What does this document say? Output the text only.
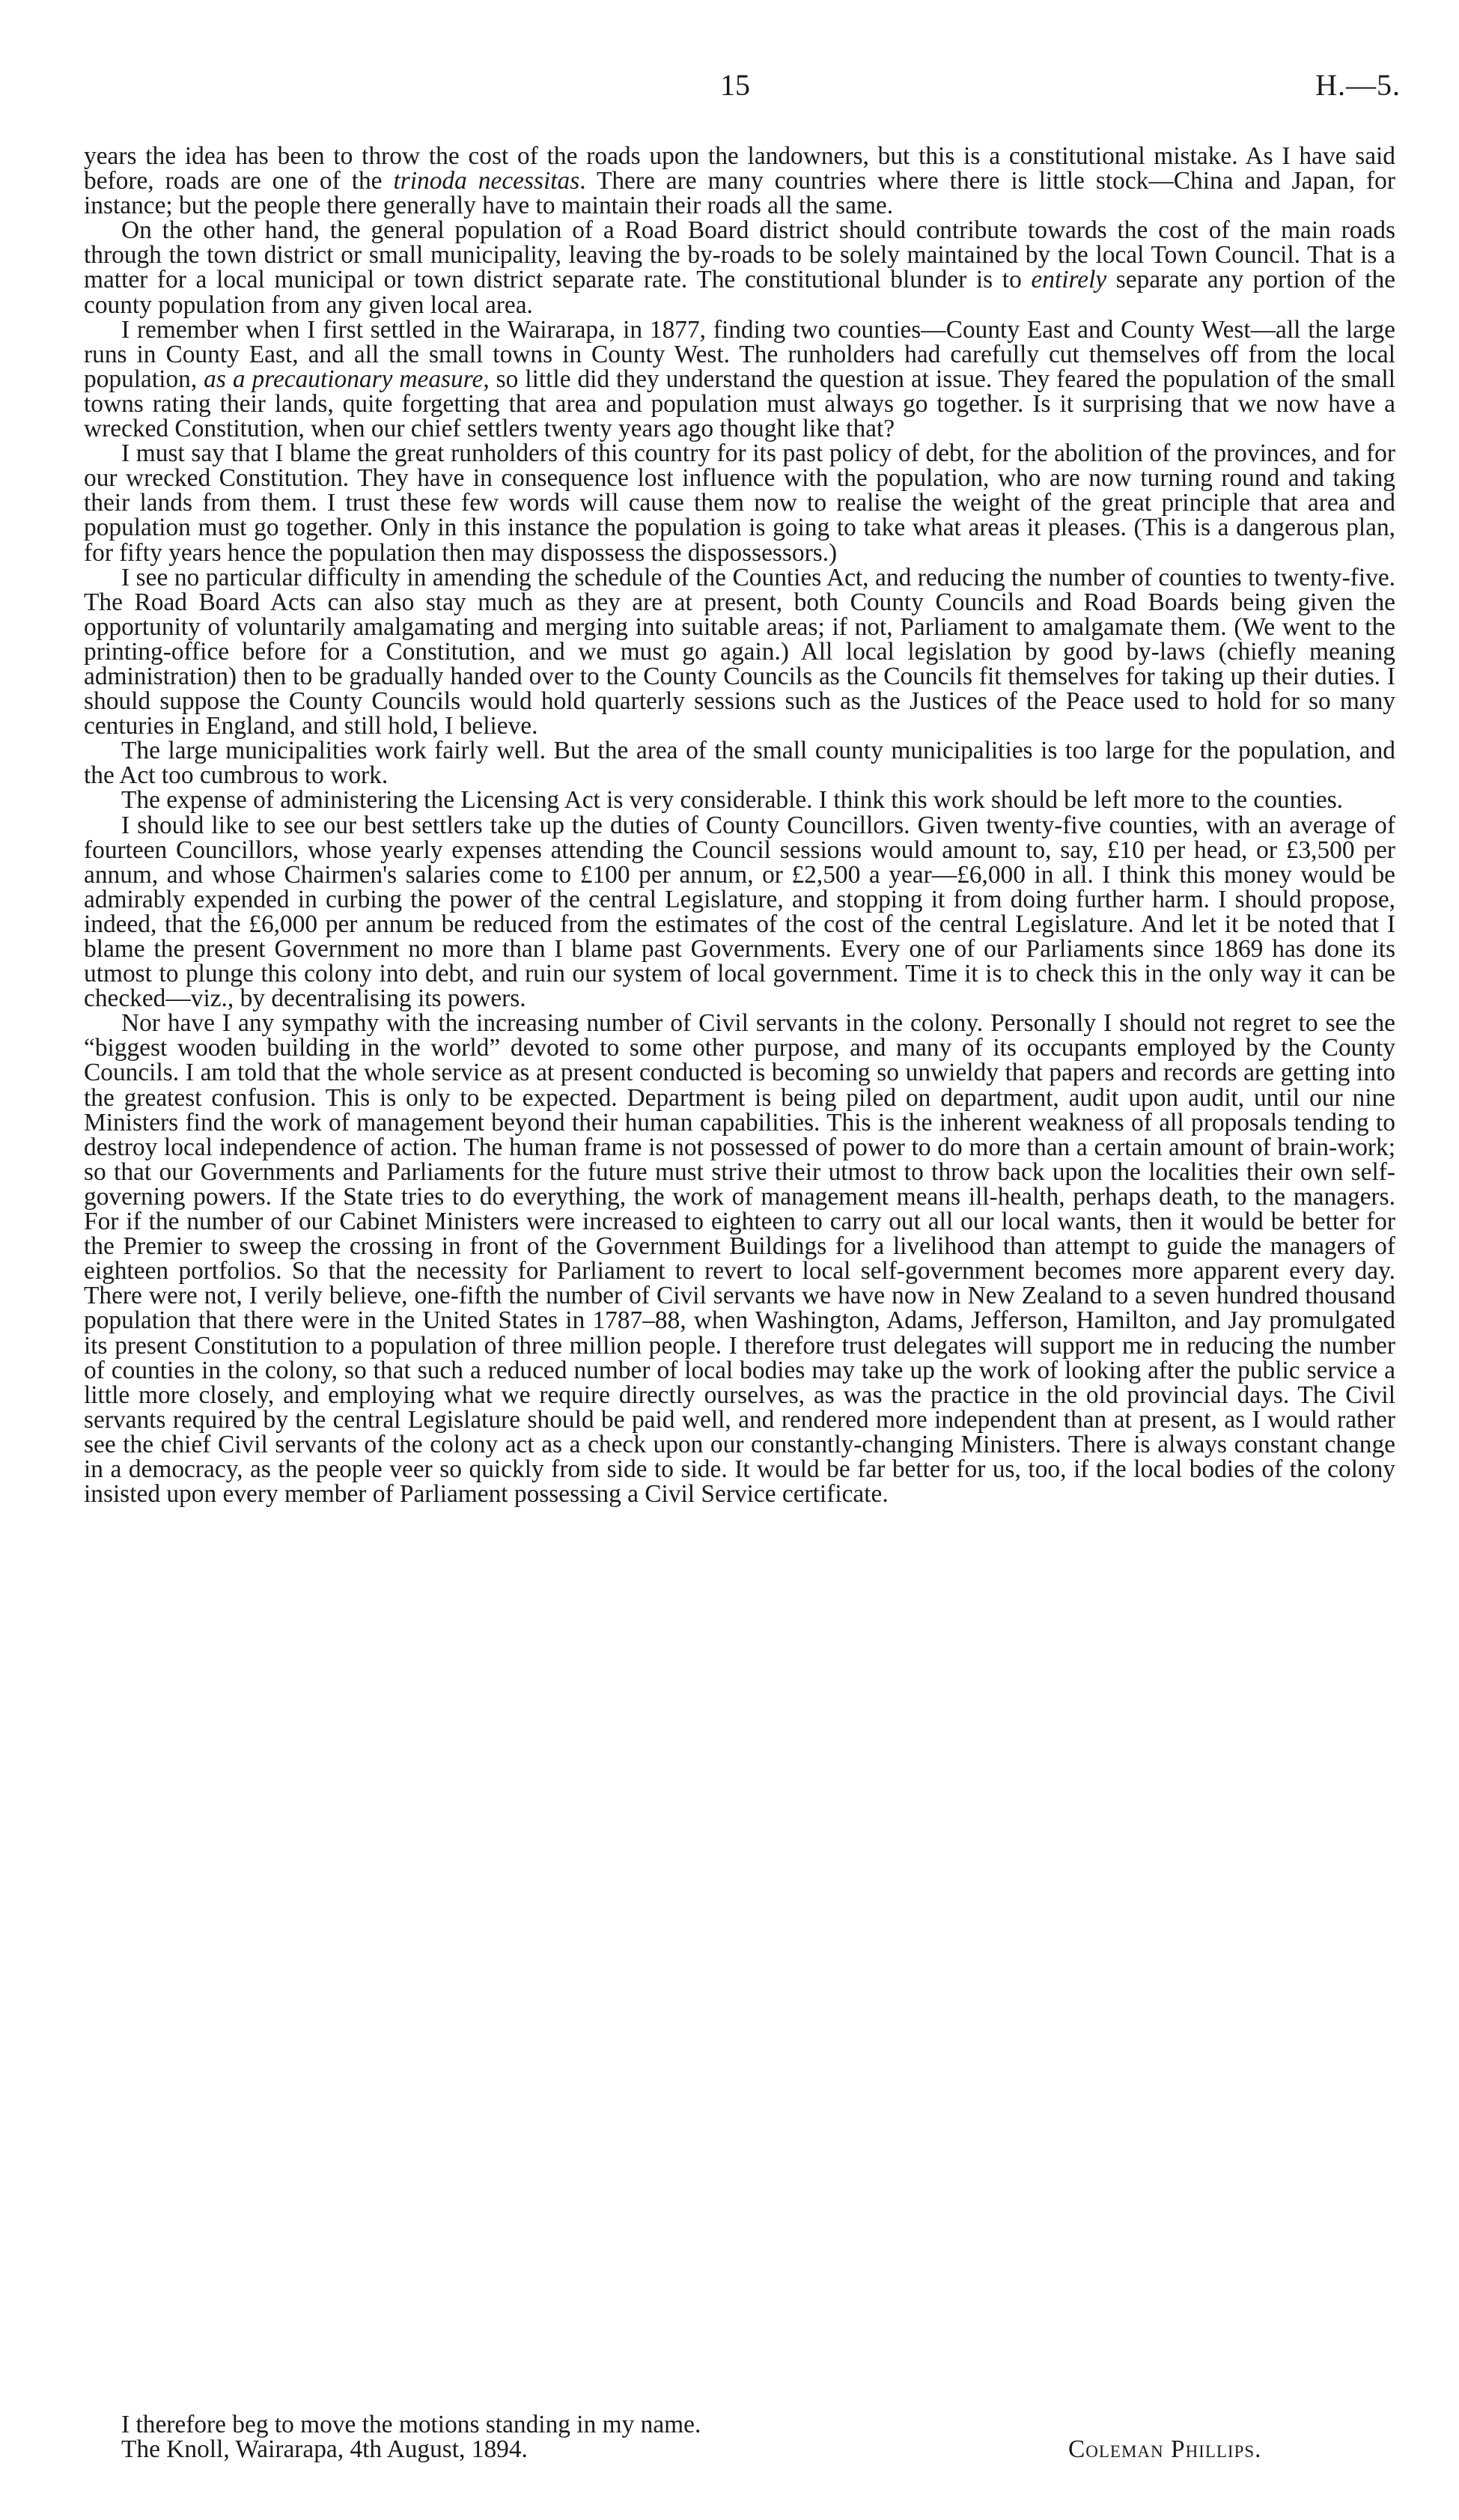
15	H.—5.

years the idea has been to throw the cost of the roads upon the landowners, but this is a constitutional mistake. As I have said before, roads are one of the trinoda necessitas. There are many countries where there is little stock—China and Japan, for instance; but the people there generally have to maintain their roads all the same.

On the other hand, the general population of a Road Board district should contribute towards the cost of the main roads through the town district or small municipality, leaving the by-roads to be solely maintained by the local Town Council. That is a matter for a local municipal or town district separate rate. The constitutional blunder is to entirely separate any portion of the county population from any given local area.

I remember when I first settled in the Wairarapa, in 1877, finding two counties—County East and County West—all the large runs in County East, and all the small towns in County West. The runholders had carefully cut themselves off from the local population, as a precautionary measure, so little did they understand the question at issue. They feared the population of the small towns rating their lands, quite forgetting that area and population must always go together. Is it surprising that we now have a wrecked Constitution, when our chief settlers twenty years ago thought like that?

I must say that I blame the great runholders of this country for its past policy of debt, for the abolition of the provinces, and for our wrecked Constitution. They have in consequence lost influence with the population, who are now turning round and taking their lands from them. I trust these few words will cause them now to realise the weight of the great principle that area and population must go together. Only in this instance the population is going to take what areas it pleases. (This is a dangerous plan, for fifty years hence the population then may dispossess the dispossessors.)

I see no particular difficulty in amending the schedule of the Counties Act, and reducing the number of counties to twenty-five. The Road Board Acts can also stay much as they are at present, both County Councils and Road Boards being given the opportunity of voluntarily amalgamating and merging into suitable areas; if not, Parliament to amalgamate them. (We went to the printing-office before for a Constitution, and we must go again.) All local legislation by good by-laws (chiefly meaning administration) then to be gradually handed over to the County Councils as the Councils fit themselves for taking up their duties. I should suppose the County Councils would hold quarterly sessions such as the Justices of the Peace used to hold for so many centuries in England, and still hold, I believe.

The large municipalities work fairly well. But the area of the small county municipalities is too large for the population, and the Act too cumbrous to work.

The expense of administering the Licensing Act is very considerable. I think this work should be left more to the counties.

I should like to see our best settlers take up the duties of County Councillors. Given twenty-five counties, with an average of fourteen Councillors, whose yearly expenses attending the Council sessions would amount to, say, £10 per head, or £3,500 per annum, and whose Chairmen's salaries come to £100 per annum, or £2,500 a year—£6,000 in all. I think this money would be admirably expended in curbing the power of the central Legislature, and stopping it from doing further harm. I should propose, indeed, that the £6,000 per annum be reduced from the estimates of the cost of the central Legislature. And let it be noted that I blame the present Government no more than I blame past Governments. Every one of our Parliaments since 1869 has done its utmost to plunge this colony into debt, and ruin our system of local government. Time it is to check this in the only way it can be checked—viz., by decentralising its powers.

Nor have I any sympathy with the increasing number of Civil servants in the colony. Personally I should not regret to see the “biggest wooden building in the world” devoted to some other purpose, and many of its occupants employed by the County Councils. I am told that the whole service as at present conducted is becoming so unwieldy that papers and records are getting into the greatest confusion. This is only to be expected. Department is being piled on department, audit upon audit, until our nine Ministers find the work of management beyond their human capabilities. This is the inherent weakness of all proposals tending to destroy local independence of action. The human frame is not possessed of power to do more than a certain amount of brain-work; so that our Governments and Parliaments for the future must strive their utmost to throw back upon the localities their own self-governing powers. If the State tries to do everything, the work of management means ill-health, perhaps death, to the managers. For if the number of our Cabinet Ministers were increased to eighteen to carry out all our local wants, then it would be better for the Premier to sweep the crossing in front of the Government Buildings for a livelihood than attempt to guide the managers of eighteen portfolios. So that the necessity for Parliament to revert to local self-government becomes more apparent every day. There were not, I verily believe, one-fifth the number of Civil servants we have now in New Zealand to a seven hundred thousand population that there were in the United States in 1787–88, when Washington, Adams, Jefferson, Hamilton, and Jay promulgated its present Constitution to a population of three million people. I therefore trust delegates will support me in reducing the number of counties in the colony, so that such a reduced number of local bodies may take up the work of looking after the public service a little more closely, and employing what we require directly ourselves, as was the practice in the old provincial days. The Civil servants required by the central Legislature should be paid well, and rendered more independent than at present, as I would rather see the chief Civil servants of the colony act as a check upon our constantly-changing Ministers. There is always constant change in a democracy, as the people veer so quickly from side to side. It would be far better for us, too, if the local bodies of the colony insisted upon every member of Parliament possessing a Civil Service certificate.

I therefore beg to move the motions standing in my name.
The Knoll, Wairarapa, 4th August, 1894.	Coleman Phillips.
